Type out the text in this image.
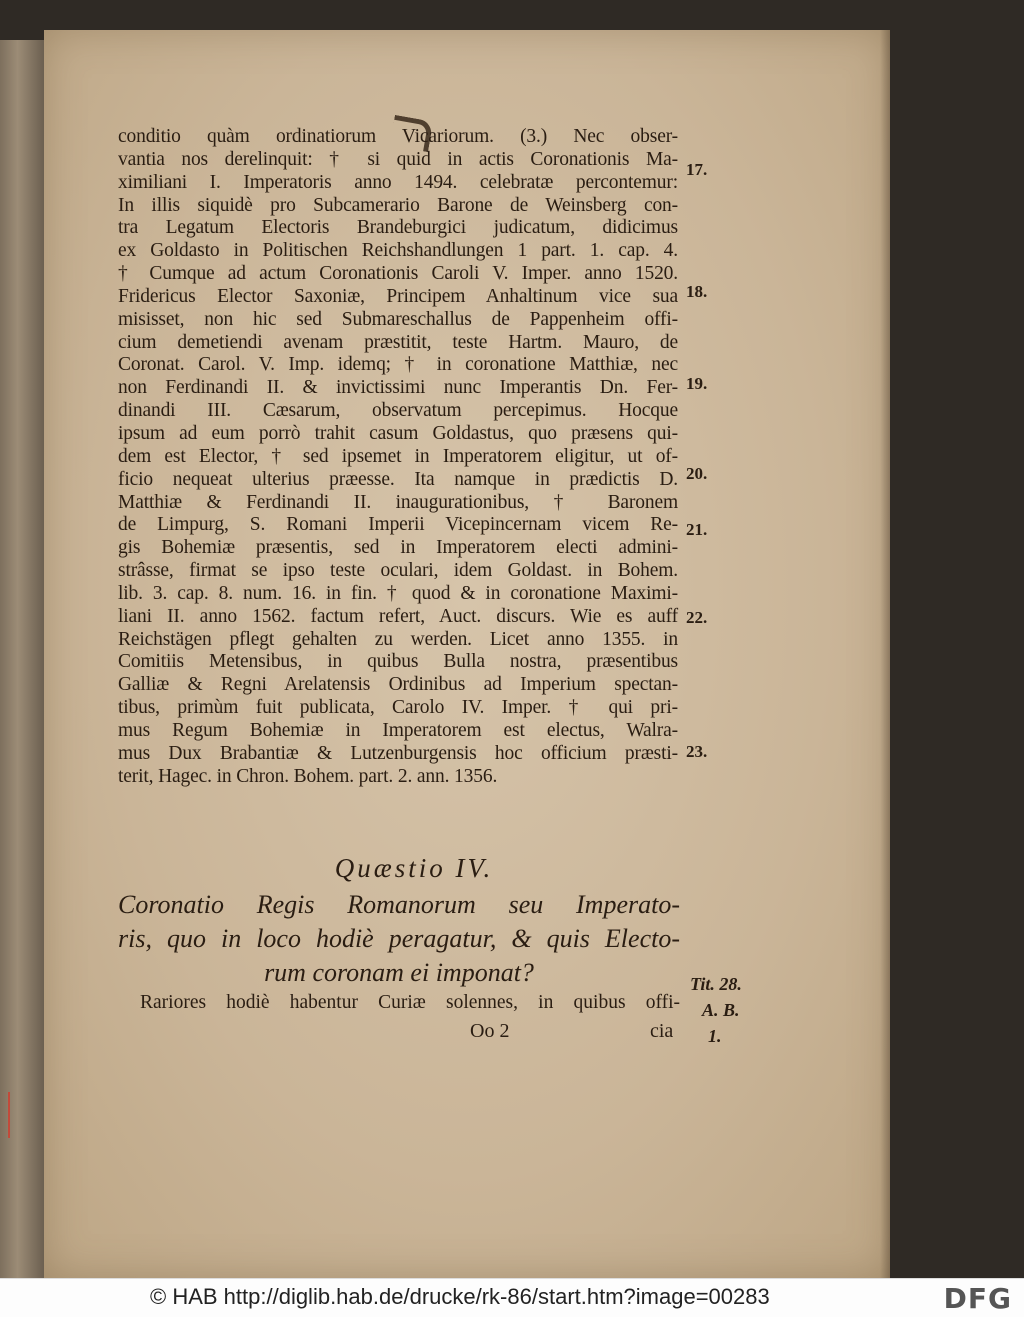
conditio quàm ordinatiorum Vicariorum. (3.) Nec obser-
vantia nos derelinquit: † si quid in actis Coronationis Ma-
ximiliani I. Imperatoris anno 1494. celebratæ percontemur:
In illis siquidè pro Subcamerario Barone de Weinsberg con-
tra Legatum Electoris Brandeburgici judicatum, didicimus
ex Goldasto in Politischen Reichshandlungen 1 part. 1. cap. 4.
† Cumque ad actum Coronationis Caroli V. Imper. anno 1520.
Fridericus Elector Saxoniæ, Principem Anhaltinum vice sua
misisset, non hic sed Submareschallus de Pappenheim offi-
cium demetiendi avenam præstitit, teste Hartm. Mauro, de
Coronat. Carol. V. Imp. idemq; † in coronatione Matthiæ, nec
non Ferdinandi II. & invictissimi nunc Imperantis Dn. Fer-
dinandi III. Cæsarum, observatum percepimus. Hocque
ipsum ad eum porrò trahit casum Goldastus, quo præsens qui-
dem est Elector, † sed ipsemet in Imperatorem eligitur, ut of-
ficio nequeat ulterius præesse. Ita namque in prædictis D.
Matthiæ & Ferdinandi II. inaugurationibus, † Baronem
de Limpurg, S. Romani Imperii Vicepincernam vicem Re-
gis Bohemiæ præsentis, sed in Imperatorem electi admini-
strâsse, firmat se ipso teste oculari, idem Goldast. in Bohem.
lib. 3. cap. 8. num. 16. in fin. † quod & in coronatione Maximi-
liani II. anno 1562. factum refert, Auct. discurs. Wie es auff
Reichstägen pflegt gehalten zu werden. Licet anno 1355. in
Comitiis Metensibus, in quibus Bulla nostra, præsentibus
Galliæ & Regni Arelatensis Ordinibus ad Imperium spectan-
tibus, primùm fuit publicata, Carolo IV. Imper. † qui pri-
mus Regum Bohemiæ in Imperatorem est electus, Walra-
mus Dux Brabantiæ & Lutzenburgensis hoc officium præsti-
terit, Hagec. in Chron. Bohem. part. 2. ann. 1356.
17.
18.
19.
20.
21.
22.
23.
Quæstio IV.
Coronatio Regis Romanorum seu Imperato-
ris, quo in loco hodiè peragatur, & quis Electo-
rum coronam ei imponat?
Rariores hodiè habentur Curiæ solennes, in quibus offi-
Oo 2	cia
Tit. 28.
A. B.
1.
© HAB http://diglib.hab.de/drucke/rk-86/start.htm?image=00283	DFG
